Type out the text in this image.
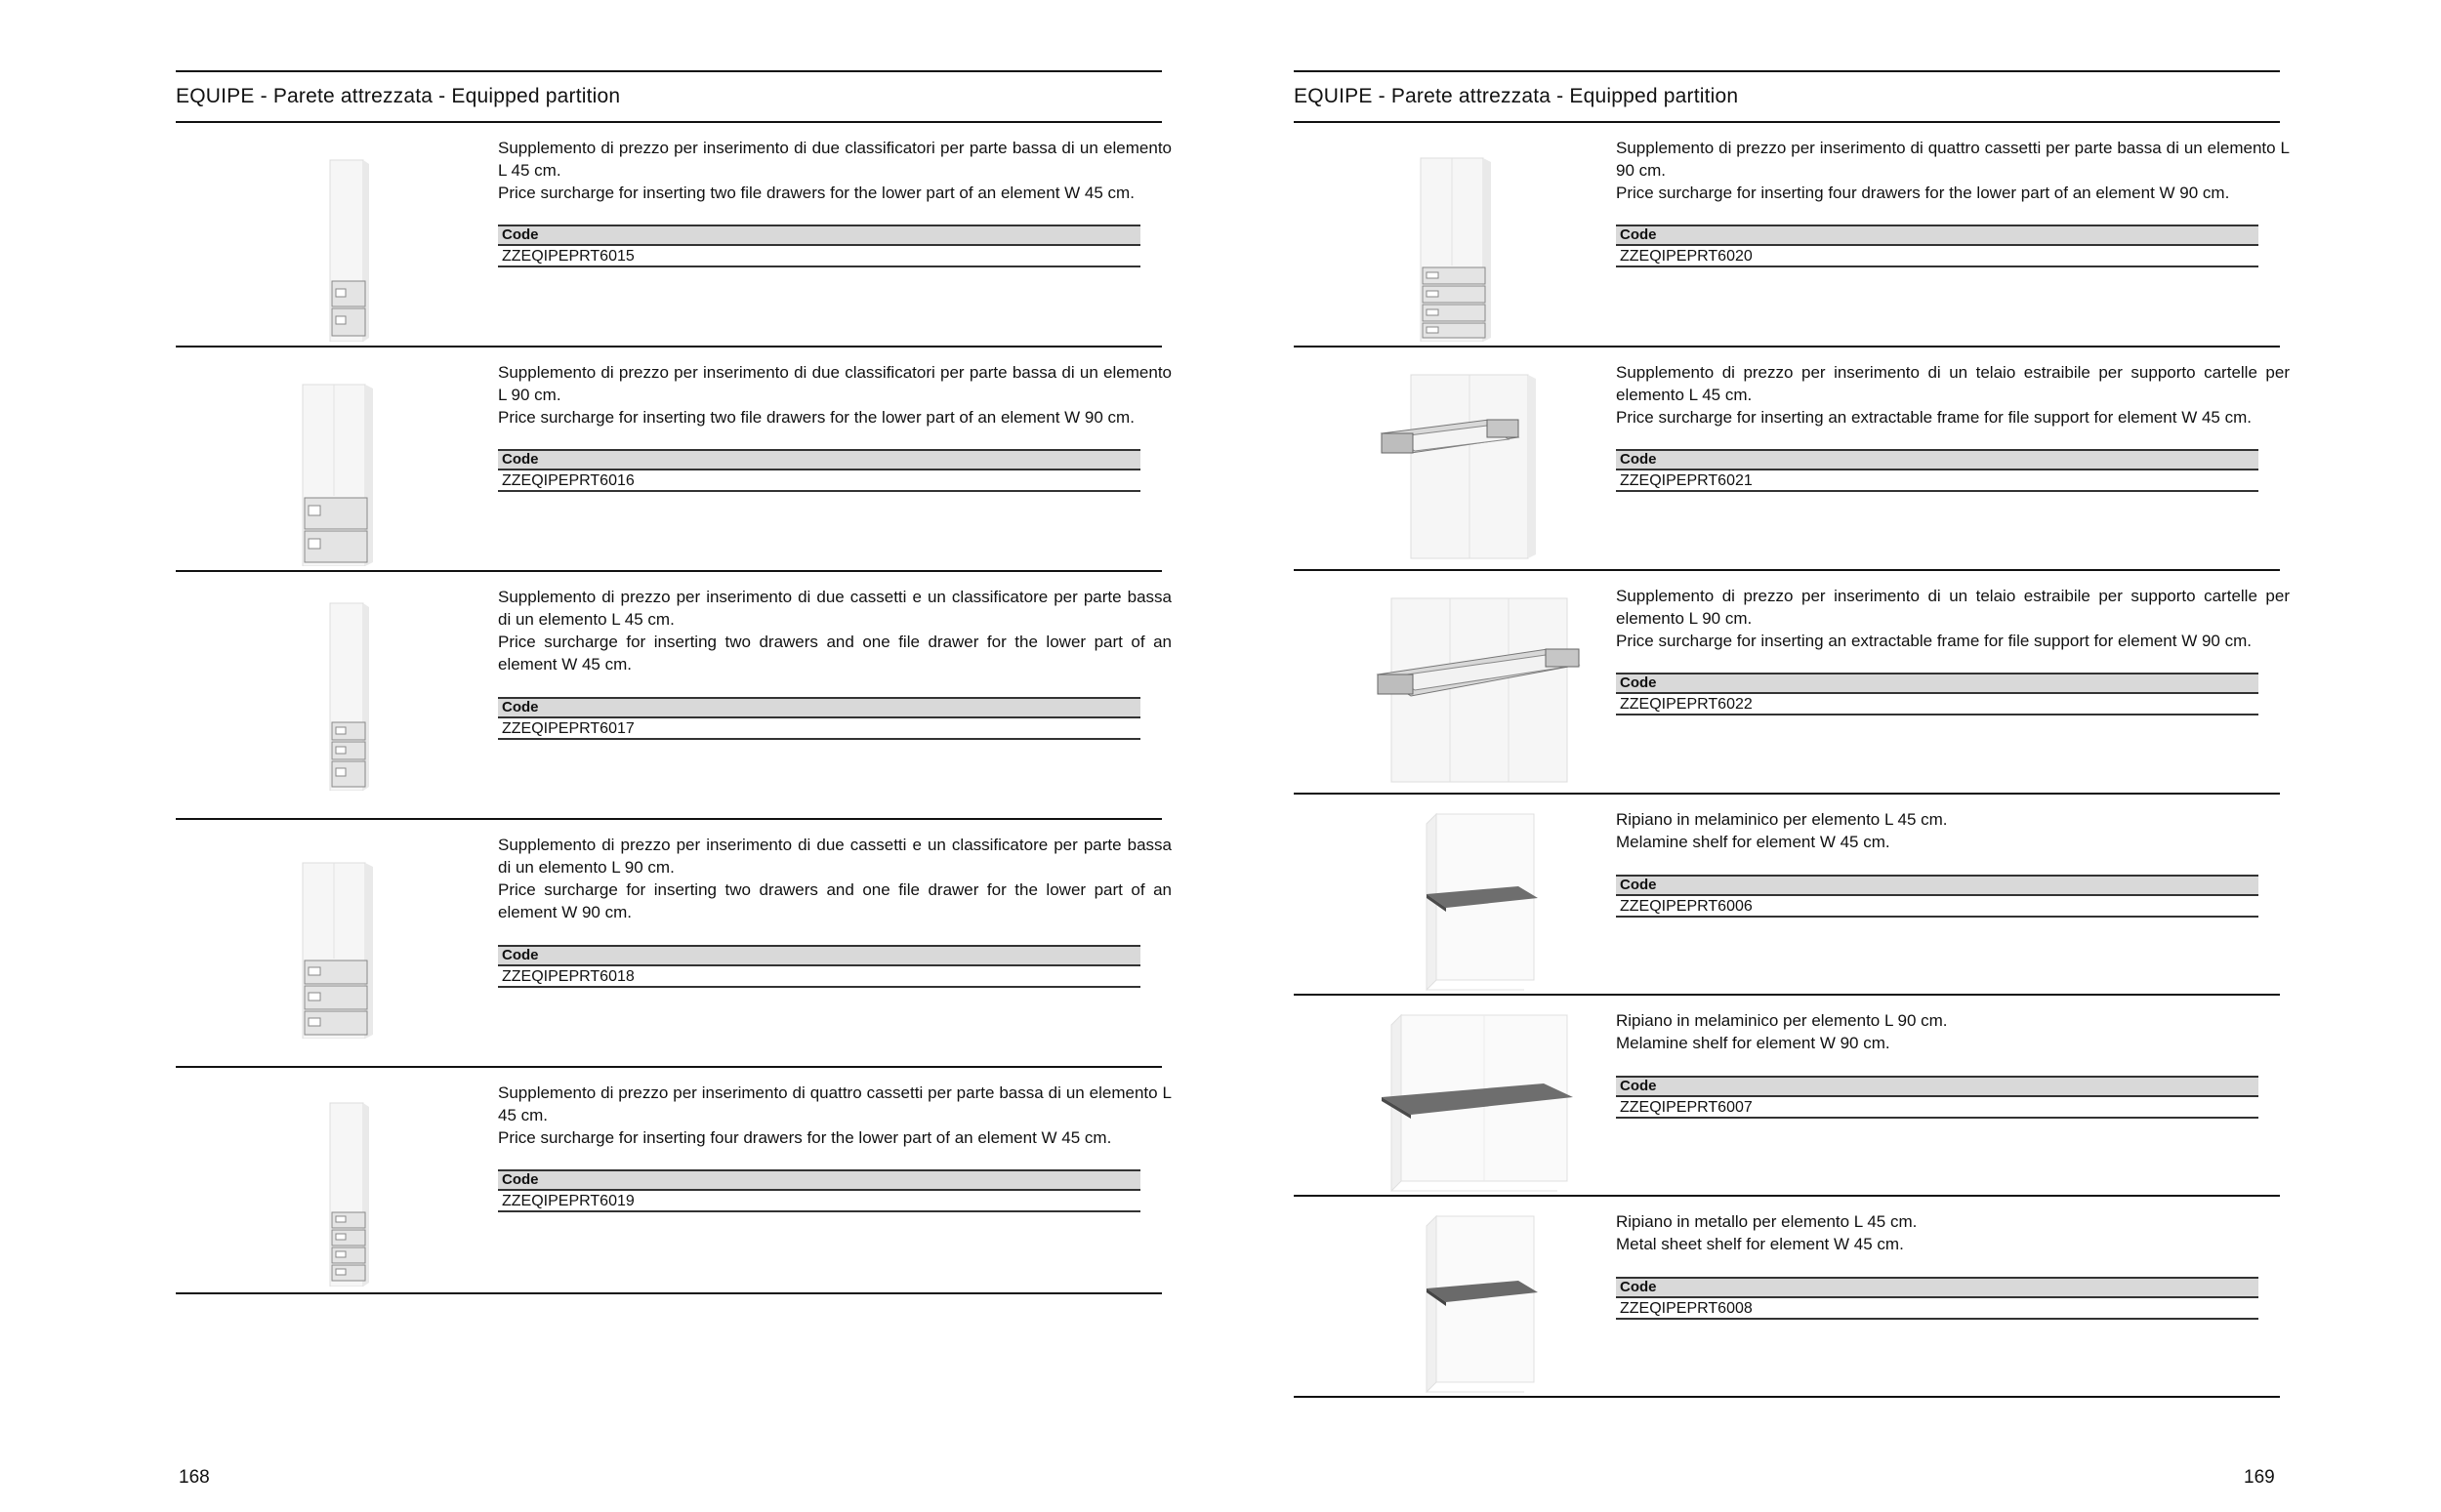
EQUIPE - Parete attrezzata - Equipped partition

Supplemento di prezzo per inserimento di due classificatori per parte bassa di un elemento L 45 cm.

Price surcharge for inserting two file drawers for the lower part of an element W 45 cm.

Code
ZZEQIPEPRT6015

Supplemento di prezzo per inserimento di due classificatori per parte bassa di un elemento L 90 cm.

Price surcharge for inserting two file drawers for the lower part of an element W 90 cm.

Code
ZZEQIPEPRT6016

Supplemento di prezzo per inserimento di due cassetti e un classificatore per parte bassa di un elemento L 45 cm.

Price surcharge for inserting two drawers and one file drawer for the lower part of an element W 45 cm.

Code
ZZEQIPEPRT6017

Supplemento di prezzo per inserimento di due cassetti e un classificatore per parte bassa di un elemento L 90 cm.

Price surcharge for inserting two drawers and one file drawer for the lower part of an element W 90 cm.

Code
ZZEQIPEPRT6018

Supplemento di prezzo per inserimento di quattro cassetti per parte bassa di un elemento L 45 cm.

Price surcharge for inserting four drawers for the lower part of an element W 45 cm.

Code
ZZEQIPEPRT6019
168
EQUIPE - Parete attrezzata - Equipped partition

Supplemento di prezzo per inserimento di quattro cassetti per parte bassa di un elemento L 90 cm.

Price surcharge for inserting four drawers for the lower part of an element W 90 cm.

Code
ZZEQIPEPRT6020

Supplemento di prezzo per inserimento di un telaio estraibile per supporto cartelle per elemento L 45 cm.

Price surcharge for inserting an extractable frame for file support for element W 45 cm.

Code
ZZEQIPEPRT6021

Supplemento di prezzo per inserimento di un telaio estraibile per supporto cartelle per elemento L 90 cm.

Price surcharge for inserting an extractable frame for file support for element W 90 cm.

Code
ZZEQIPEPRT6022

Ripiano in melaminico per elemento L 45 cm.

Melamine shelf for element W 45 cm.

Code
ZZEQIPEPRT6006

Ripiano in melaminico per elemento L 90 cm.

Melamine shelf for element W 90 cm.

Code
ZZEQIPEPRT6007

Ripiano in metallo per elemento L 45 cm.

Metal sheet shelf for element W 45 cm.

Code
ZZEQIPEPRT6008
169
